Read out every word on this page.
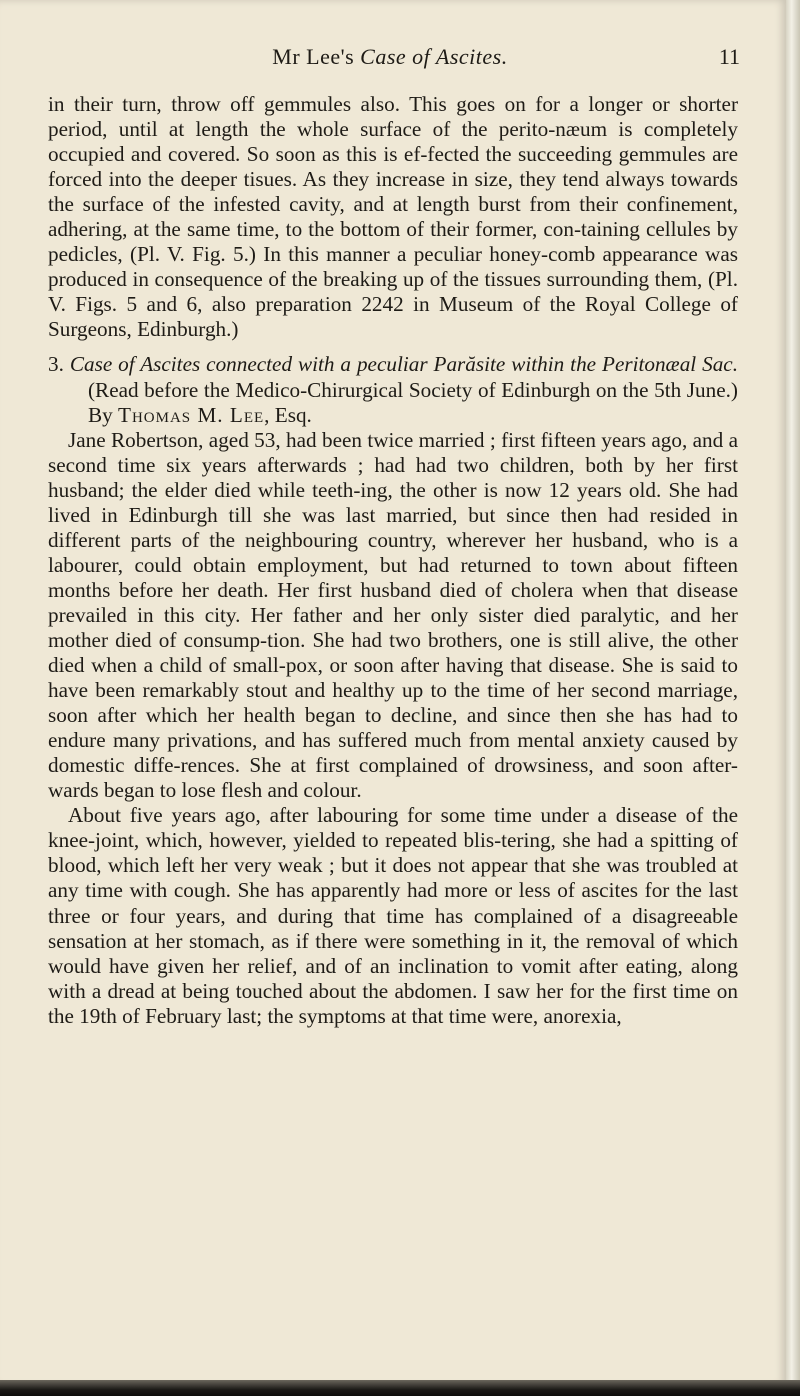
Mr Lee's Case of Ascites.	11

in their turn, throw off gemmules also. This goes on for a longer or shorter period, until at length the whole surface of the perito-næum is completely occupied and covered. So soon as this is ef-fected the succeeding gemmules are forced into the deeper tisues. As they increase in size, they tend always towards the surface of the infested cavity, and at length burst from their confinement, adhering, at the same time, to the bottom of their former, con-taining cellules by pedicles, (Pl. V. Fig. 5.) In this manner a peculiar honey-comb appearance was produced in consequence of the breaking up of the tissues surrounding them, (Pl. V. Figs. 5 and 6, also preparation 2242 in Museum of the Royal College of Surgeons, Edinburgh.)

3. Case of Ascites connected with a peculiar Parăsite within the Peritonæal Sac. (Read before the Medico-Chirurgical Society of Edinburgh on the 5th June.) By Thomas M. Lee, Esq.

Jane Robertson, aged 53, had been twice married ; first fifteen years ago, and a second time six years afterwards ; had had two children, both by her first husband; the elder died while teeth-ing, the other is now 12 years old. She had lived in Edinburgh till she was last married, but since then had resided in different parts of the neighbouring country, wherever her husband, who is a labourer, could obtain employment, but had returned to town about fifteen months before her death. Her first husband died of cholera when that disease prevailed in this city. Her father and her only sister died paralytic, and her mother died of consump-tion. She had two brothers, one is still alive, the other died when a child of small-pox, or soon after having that disease. She is said to have been remarkably stout and healthy up to the time of her second marriage, soon after which her health began to decline, and since then she has had to endure many privations, and has suffered much from mental anxiety caused by domestic diffe-rences. She at first complained of drowsiness, and soon after-wards began to lose flesh and colour.

About five years ago, after labouring for some time under a disease of the knee-joint, which, however, yielded to repeated blis-tering, she had a spitting of blood, which left her very weak ; but it does not appear that she was troubled at any time with cough. She has apparently had more or less of ascites for the last three or four years, and during that time has complained of a disagreeable sensation at her stomach, as if there were something in it, the removal of which would have given her relief, and of an inclination to vomit after eating, along with a dread at being touched about the abdomen. I saw her for the first time on the 19th of February last; the symptoms at that time were, anorexia,
